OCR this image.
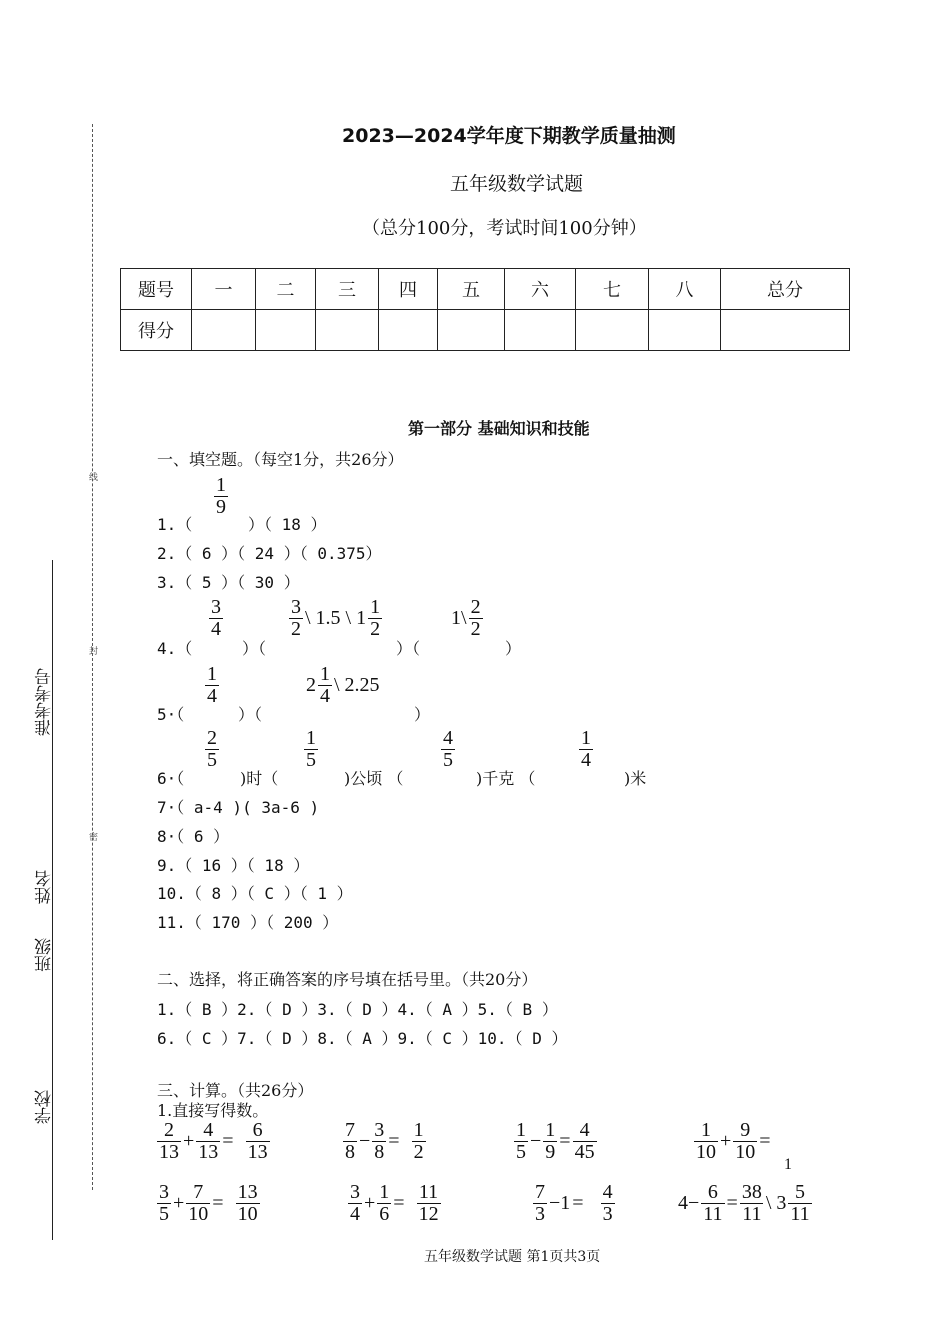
线
封
密
准考考号
姓名
班级
学校
2023—2024学年度下期教学质量抽测
五年级数学试题
（总分100分，考试时间100分钟）
题号	一	二	三	四	五	六	七	八	总分
得分									
第一部分 基础知识和技能
一、填空题。（每空1分，共26分）
1.（
$\frac{1}{9}$
）（ 18 ）
2.（ 6 ）（ 24 ）（ 0.375）
3.（ 5 ）（ 30 ）
4.（
$\frac{3}{4}$
）（
$\frac{3}{2}$ \ 1.5 \ $1 \frac{1}{2}$
）（
1\ $\frac{2}{2}$
）
5·（
$\frac{1}{4}$
）（
$2 \frac{1}{4}$ \ 2.25
）
6·（
$\frac{2}{5}$
)时（
$\frac{1}{5}$
)公顷 （
$\frac{4}{5}$
)千克 （
$\frac{1}{4}$
)米
7·（ a-4 )( 3a-6 )
8·（ 6 ）
9.（ 16 ）（ 18 ）
10.（ 8 ）（ C ）（ 1 ）
11.（ 170 ）（ 200 ）
二、选择，将正确答案的序号填在括号里。（共20分）
1.（ B ）2.（ D ）3.（ D ）4.（ A ）5.（ B ）
6.（ C ）7.（ D ）8.（ A ）9.（ C ）10.（ D ）
三、计算。（共26分）
1.直接写得数。
$\frac{2}{13} + \frac{4}{13} = \frac{6}{13}$	$\frac{7}{8} - \frac{3}{8} = \frac{1}{2}$	$\frac{1}{5} - \frac{1}{9} = \frac{4}{45}$	$\frac{1}{10} + \frac{9}{10}$ =
1
$\frac{3}{5} + \frac{7}{10} = \frac{13}{10}$	$\frac{3}{4} + \frac{1}{6} = \frac{11}{12}$	$\frac{7}{3} -1 = \frac{4}{3}$	$4- \frac{6}{11} = \frac{38}{11}$ \ $3 \frac{5}{11}$
五年级数学试题 第1页共3页
